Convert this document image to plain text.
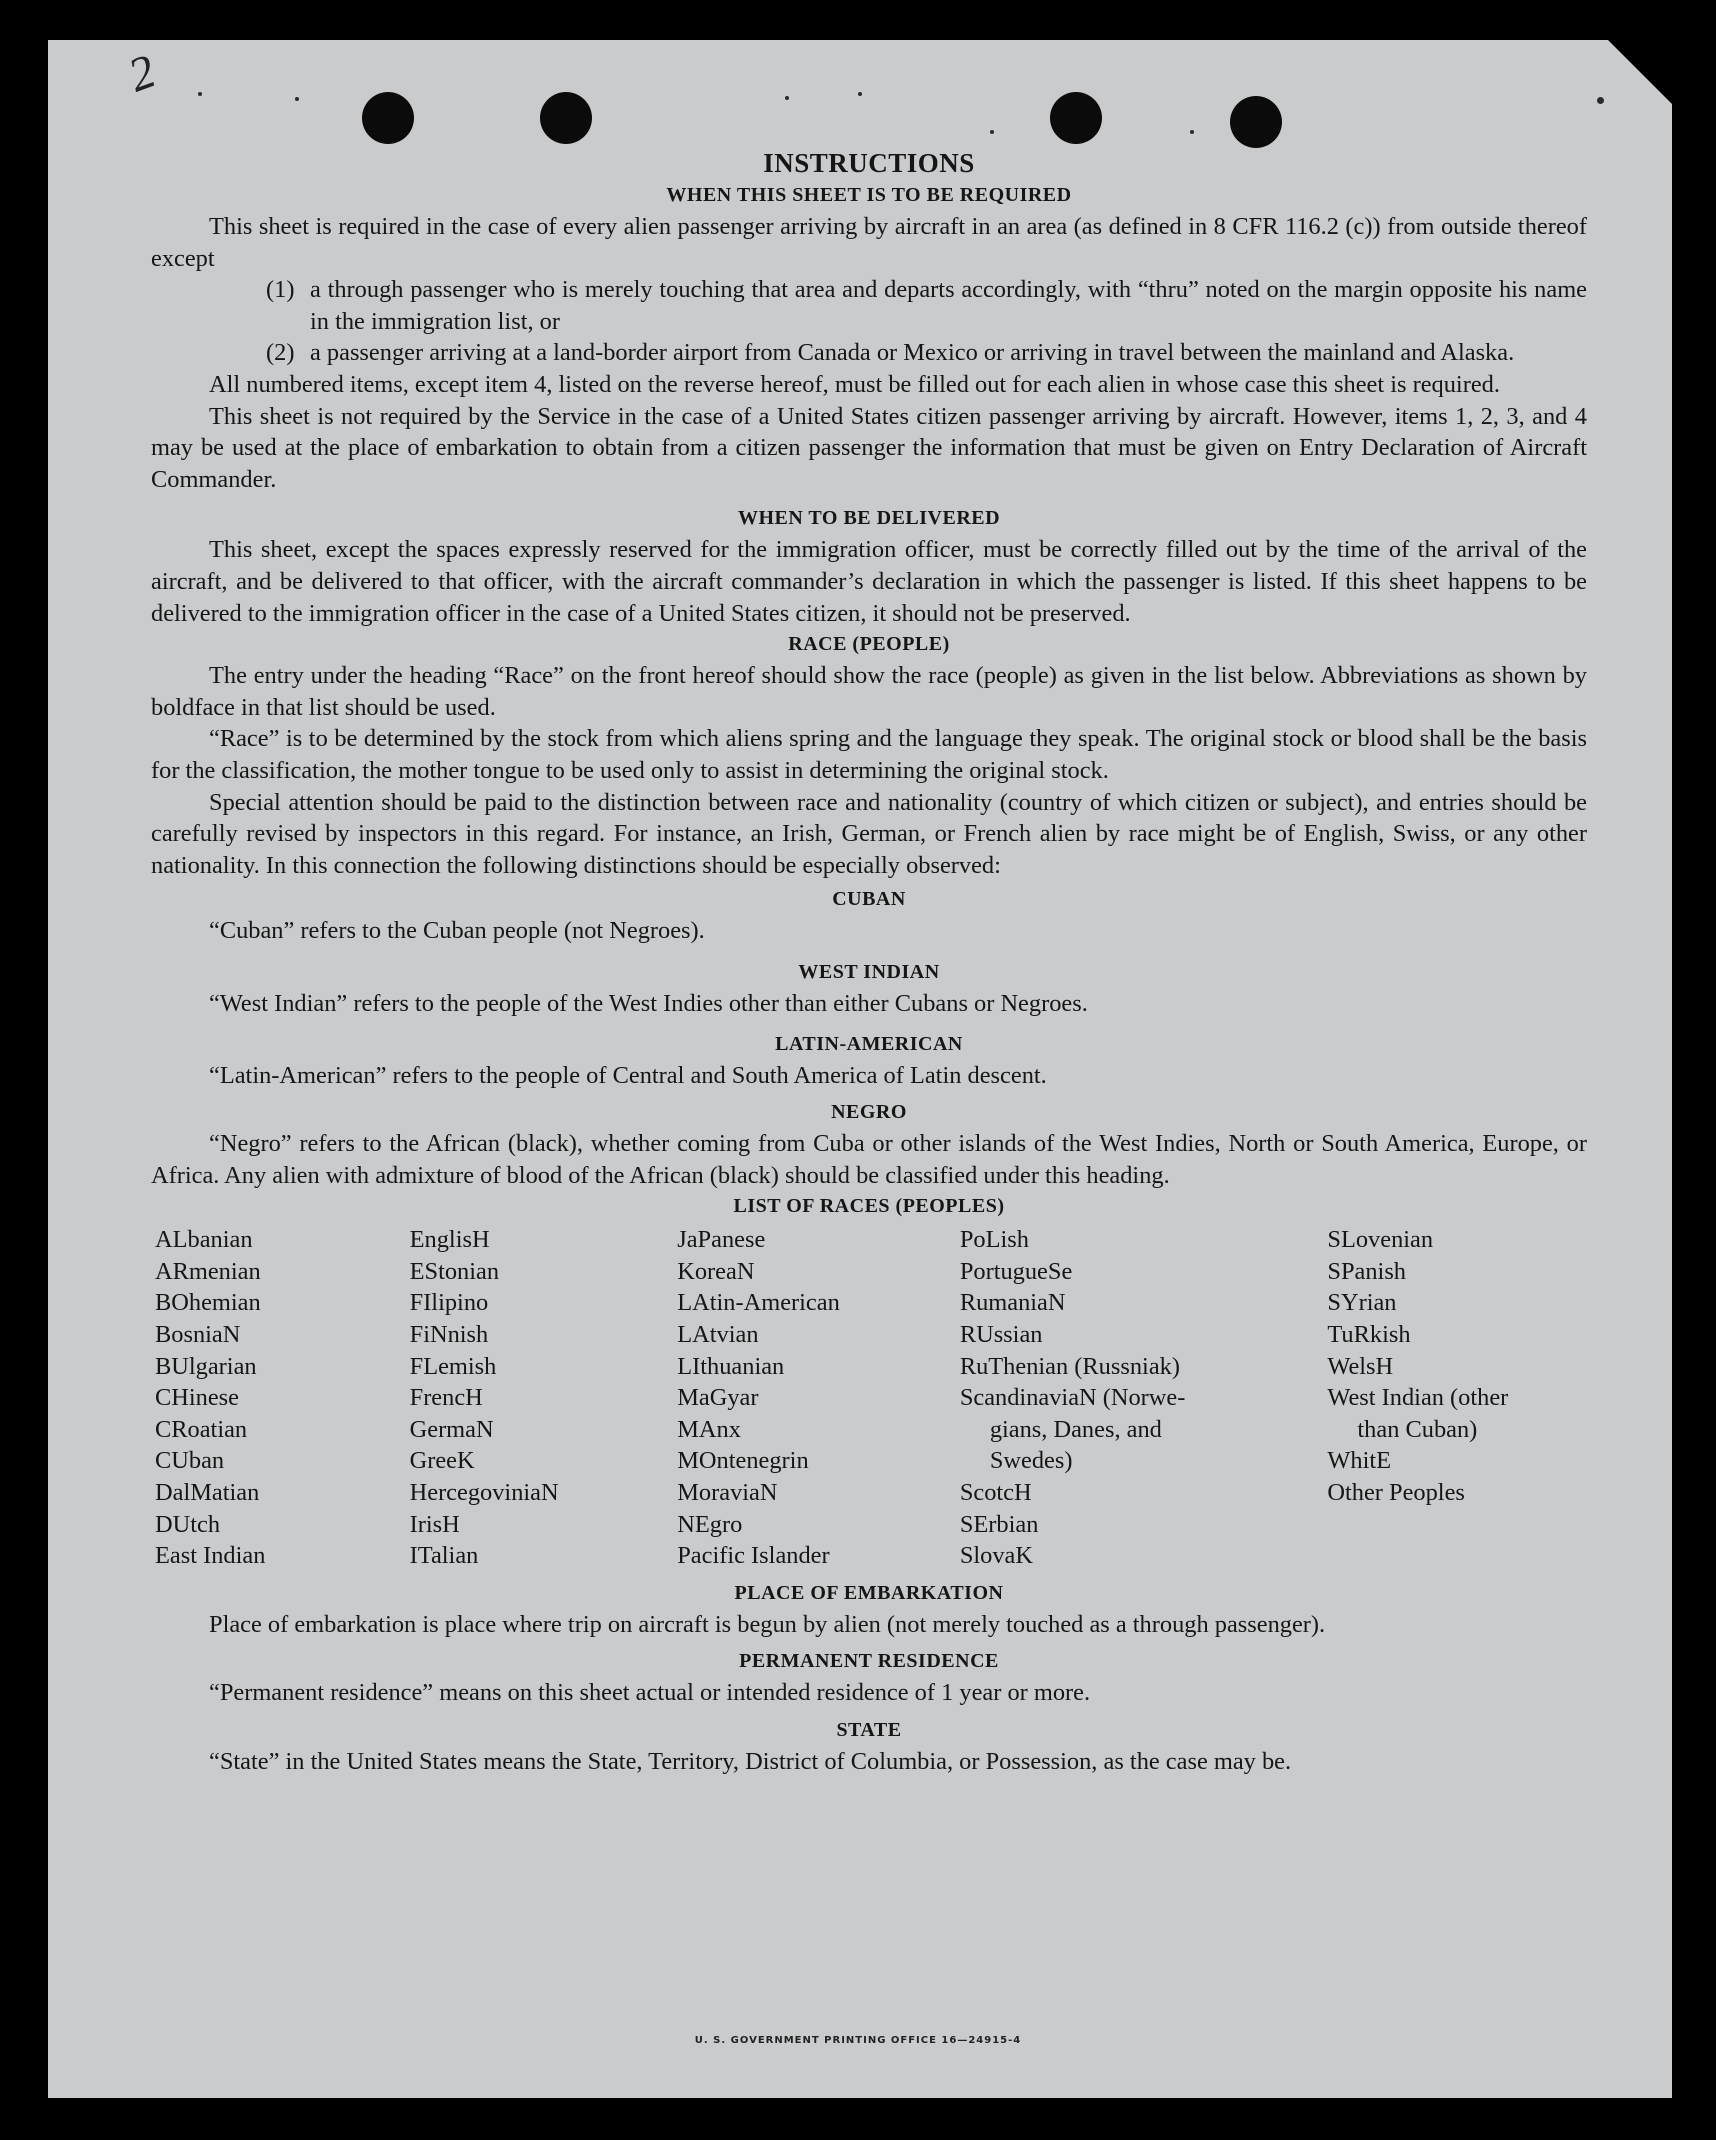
2
INSTRUCTIONS
WHEN THIS SHEET IS TO BE REQUIRED

This sheet is required in the case of every alien passenger arriving by aircraft in an area (as defined in 8 CFR 116.2 (c)) from outside thereof except

(1) a through passenger who is merely touching that area and departs accordingly, with “thru” noted on the margin opposite his name in the immigration list, or
(2) a passenger arriving at a land-border airport from Canada or Mexico or arriving in travel between the mainland and Alaska.

All numbered items, except item 4, listed on the reverse hereof, must be filled out for each alien in whose case this sheet is required.

This sheet is not required by the Service in the case of a United States citizen passenger arriving by aircraft. However, items 1, 2, 3, and 4 may be used at the place of embarkation to obtain from a citizen passenger the information that must be given on Entry Declaration of Aircraft Commander.

WHEN TO BE DELIVERED

This sheet, except the spaces expressly reserved for the immigration officer, must be correctly filled out by the time of the arrival of the aircraft, and be delivered to that officer, with the aircraft commander’s declaration in which the passenger is listed. If this sheet happens to be delivered to the immigration officer in the case of a United States citizen, it should not be preserved.

RACE (PEOPLE)

The entry under the heading “Race” on the front hereof should show the race (people) as given in the list below. Abbreviations as shown by boldface in that list should be used.

“Race” is to be determined by the stock from which aliens spring and the language they speak. The original stock or blood shall be the basis for the classification, the mother tongue to be used only to assist in determining the original stock.

Special attention should be paid to the distinction between race and nationality (country of which citizen or subject), and entries should be carefully revised by inspectors in this regard. For instance, an Irish, German, or French alien by race might be of English, Swiss, or any other nationality. In this connection the following distinctions should be especially observed:

CUBAN

“Cuban” refers to the Cuban people (not Negroes).

WEST INDIAN

“West Indian” refers to the people of the West Indies other than either Cubans or Negroes.

LATIN-AMERICAN

“Latin-American” refers to the people of Central and South America of Latin descent.

NEGRO

“Negro” refers to the African (black), whether coming from Cuba or other islands of the West Indies, North or South America, Europe, or Africa. Any alien with admixture of blood of the African (black) should be classified under this heading.

LIST OF RACES (PEOPLES)
ALbanian
ARmenian
BOhemian
BosniaN
BUlgarian
CHinese
CRoatian
CUban
DalMatian
DUtch
East Indian
EnglisH
EStonian
FIlipino
FiNnish
FLemish
FrencH
GermaN
GreeK
HercegoviniaN
IrisH
ITalian
JaPanese
KoreaN
LAtin-American
LAtvian
LIthuanian
MaGyar
MAnx
MOntenegrin
MoraviaN
NEgro
Pacific Islander
PoLish
PortugueSe
RumaniaN
RUssian
RuThenian (Russniak)
ScandinaviaN (Norwe-
gians, Danes, and
Swedes)
ScotcH
SErbian
SlovaK
SLovenian
SPanish
SYrian
TuRkish
WelsH
West Indian (other
than Cuban)
WhitE
Other Peoples
PLACE OF EMBARKATION

Place of embarkation is place where trip on aircraft is begun by alien (not merely touched as a through passenger).

PERMANENT RESIDENCE

“Permanent residence” means on this sheet actual or intended residence of 1 year or more.

STATE

“State” in the United States means the State, Territory, District of Columbia, or Possession, as the case may be.

U. S. GOVERNMENT PRINTING OFFICE 16—24915-4
